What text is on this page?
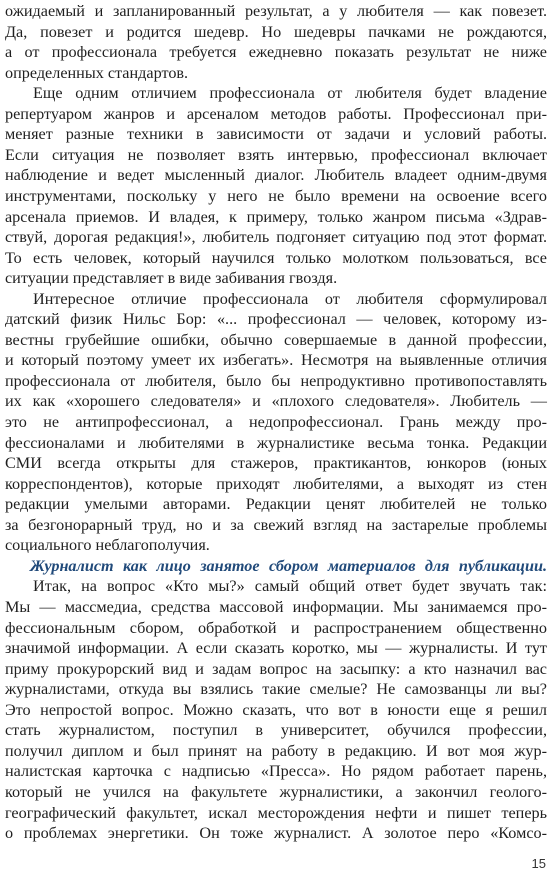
ожидаемый и запланированный результат, а у любителя — как повезет.
Да, повезет и родится шедевр. Но шедевры пачками не рождаются,
а от профессионала требуется ежедневно показать результат не ниже
определенных стандартов.
Еще одним отличием профессионала от любителя будет владение
репертуаром жанров и арсеналом методов работы. Профессионал при-
меняет разные техники в зависимости от задачи и условий работы.
Если ситуация не позволяет взять интервью, профессионал включает
наблюдение и ведет мысленный диалог. Любитель владеет одним-двумя
инструментами, поскольку у него не было времени на освоение всего
арсенала приемов. И владея, к примеру, только жанром письма «Здрав-
ствуй, дорогая редакция!», любитель подгоняет ситуацию под этот формат.
То есть человек, который научился только молотком пользоваться, все
ситуации представляет в виде забивания гвоздя.
Интересное отличие профессионала от любителя сформулировал
датский физик Нильс Бор: «... профессионал — человек, которому из-
вестны грубейшие ошибки, обычно совершаемые в данной профессии,
и который поэтому умеет их избегать». Несмотря на выявленные отличия
профессионала от любителя, было бы непродуктивно противопоставлять
их как «хорошего следователя» и «плохого следователя». Любитель —
это не антипрофессионал, а недопрофессионал. Грань между про-
фессионалами и любителями в журналистике весьма тонка. Редакции
СМИ всегда открыты для стажеров, практикантов, юнкоров (юных
корреспондентов), которые приходят любителями, а выходят из стен
редакции умелыми авторами. Редакции ценят любителей не только
за безгонорарный труд, но и за свежий взгляд на застарелые проблемы
социального неблагополучия.
Журналист как лицо занятое сбором материалов для публикации.
Итак, на вопрос «Кто мы?» самый общий ответ будет звучать так:
Мы — массмедиа, средства массовой информации. Мы занимаемся про-
фессиональным сбором, обработкой и распространением общественно
значимой информации. А если сказать коротко, мы — журналисты. И тут
приму прокурорский вид и задам вопрос на засыпку: а кто назначил вас
журналистами, откуда вы взялись такие смелые? Не самозванцы ли вы?
Это непростой вопрос. Можно сказать, что вот в юности еще я решил
стать журналистом, поступил в университет, обучился профессии,
получил диплом и был принят на работу в редакцию. И вот моя жур-
налистская карточка с надписью «Пресса». Но рядом работает парень,
который не учился на факультете журналистики, а закончил геолого-
географический факультет, искал месторождения нефти и пишет теперь
о проблемах энергетики. Он тоже журналист. А золотое перо «Комсо-
15
